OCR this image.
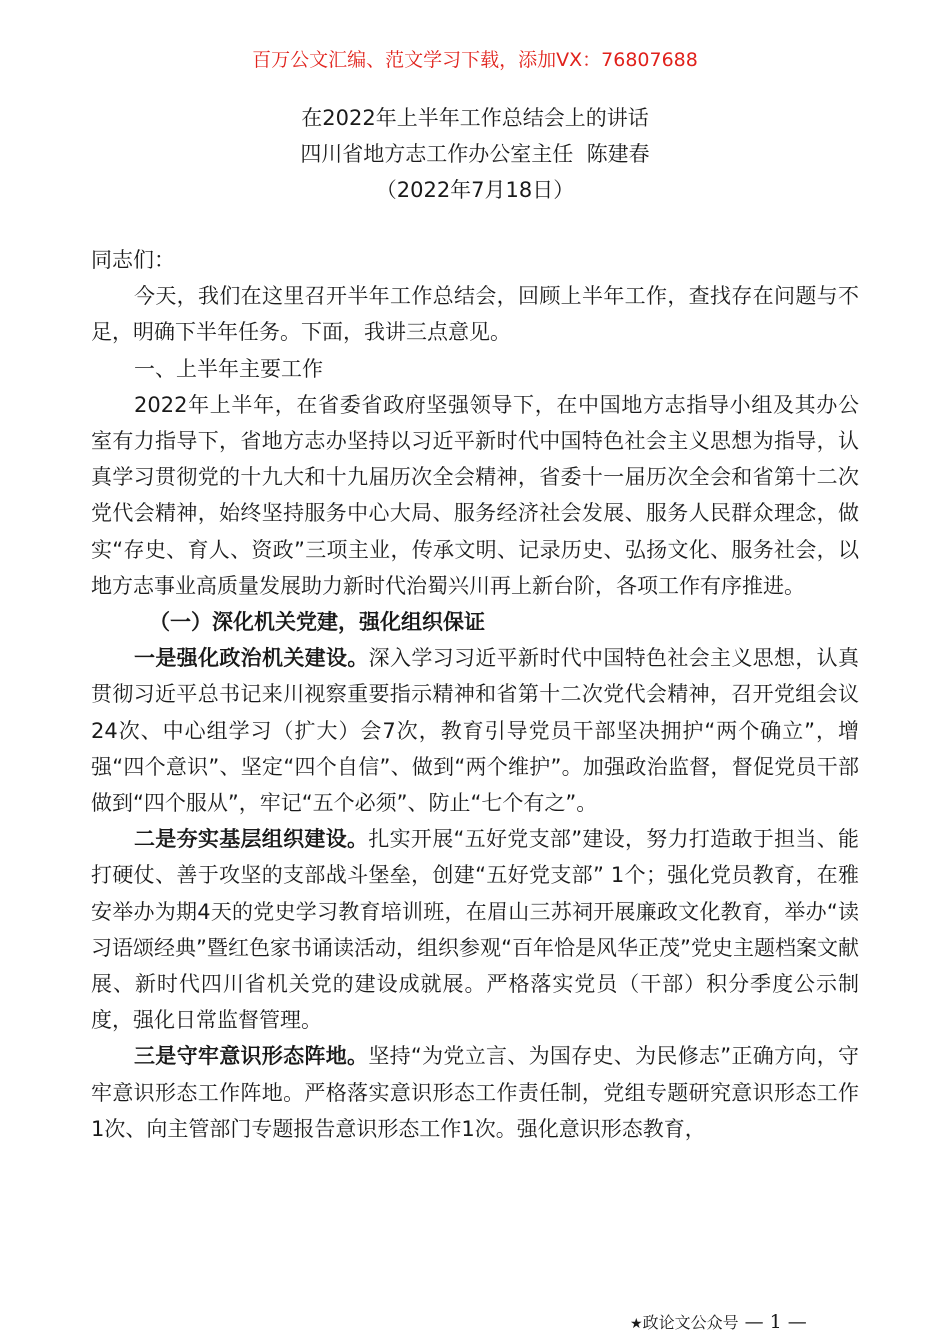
百万公文汇编、范文学习下载，添加VX：76807688
在2022年上半年工作总结会上的讲话
四川省地方志工作办公室主任  陈建春
（2022年7月18日）

同志们：

今天，我们在这里召开半年工作总结会，回顾上半年工作，查找存在问题与不足，明确下半年任务。下面，我讲三点意见。

一、上半年主要工作

2022年上半年，在省委省政府坚强领导下，在中国地方志指导小组及其办公室有力指导下，省地方志办坚持以习近平新时代中国特色社会主义思想为指导，认真学习贯彻党的十九大和十九届历次全会精神，省委十一届历次全会和省第十二次党代会精神，始终坚持服务中心大局、服务经济社会发展、服务人民群众理念，做实“存史、育人、资政”三项主业，传承文明、记录历史、弘扬文化、服务社会，以地方志事业高质量发展助力新时代治蜀兴川再上新台阶，各项工作有序推进。

（一）深化机关党建，强化组织保证

一是强化政治机关建设。深入学习习近平新时代中国特色社会主义思想，认真贯彻习近平总书记来川视察重要指示精神和省第十二次党代会精神，召开党组会议24次、中心组学习（扩大）会7次，教育引导党员干部坚决拥护“两个确立”，增强“四个意识”、坚定“四个自信”、做到“两个维护”。加强政治监督，督促党员干部做到“四个服从”，牢记“五个必须”、防止“七个有之”。

二是夯实基层组织建设。扎实开展“五好党支部”建设，努力打造敢于担当、能打硬仗、善于攻坚的支部战斗堡垒，创建“五好党支部” 1个；强化党员教育，在雅安举办为期4天的党史学习教育培训班，在眉山三苏祠开展廉政文化教育，举办“读习语颂经典”暨红色家书诵读活动，组织参观“百年恰是风华正茂”党史主题档案文献展、新时代四川省机关党的建设成就展。严格落实党员（干部）积分季度公示制度，强化日常监督管理。

三是守牢意识形态阵地。坚持“为党立言、为国存史、为民修志”正确方向，守牢意识形态工作阵地。严格落实意识形态工作责任制，党组专题研究意识形态工作1次、向主管部门专题报告意识形态工作1次。强化意识形态教育，

★政论文公众号 — 1 —
